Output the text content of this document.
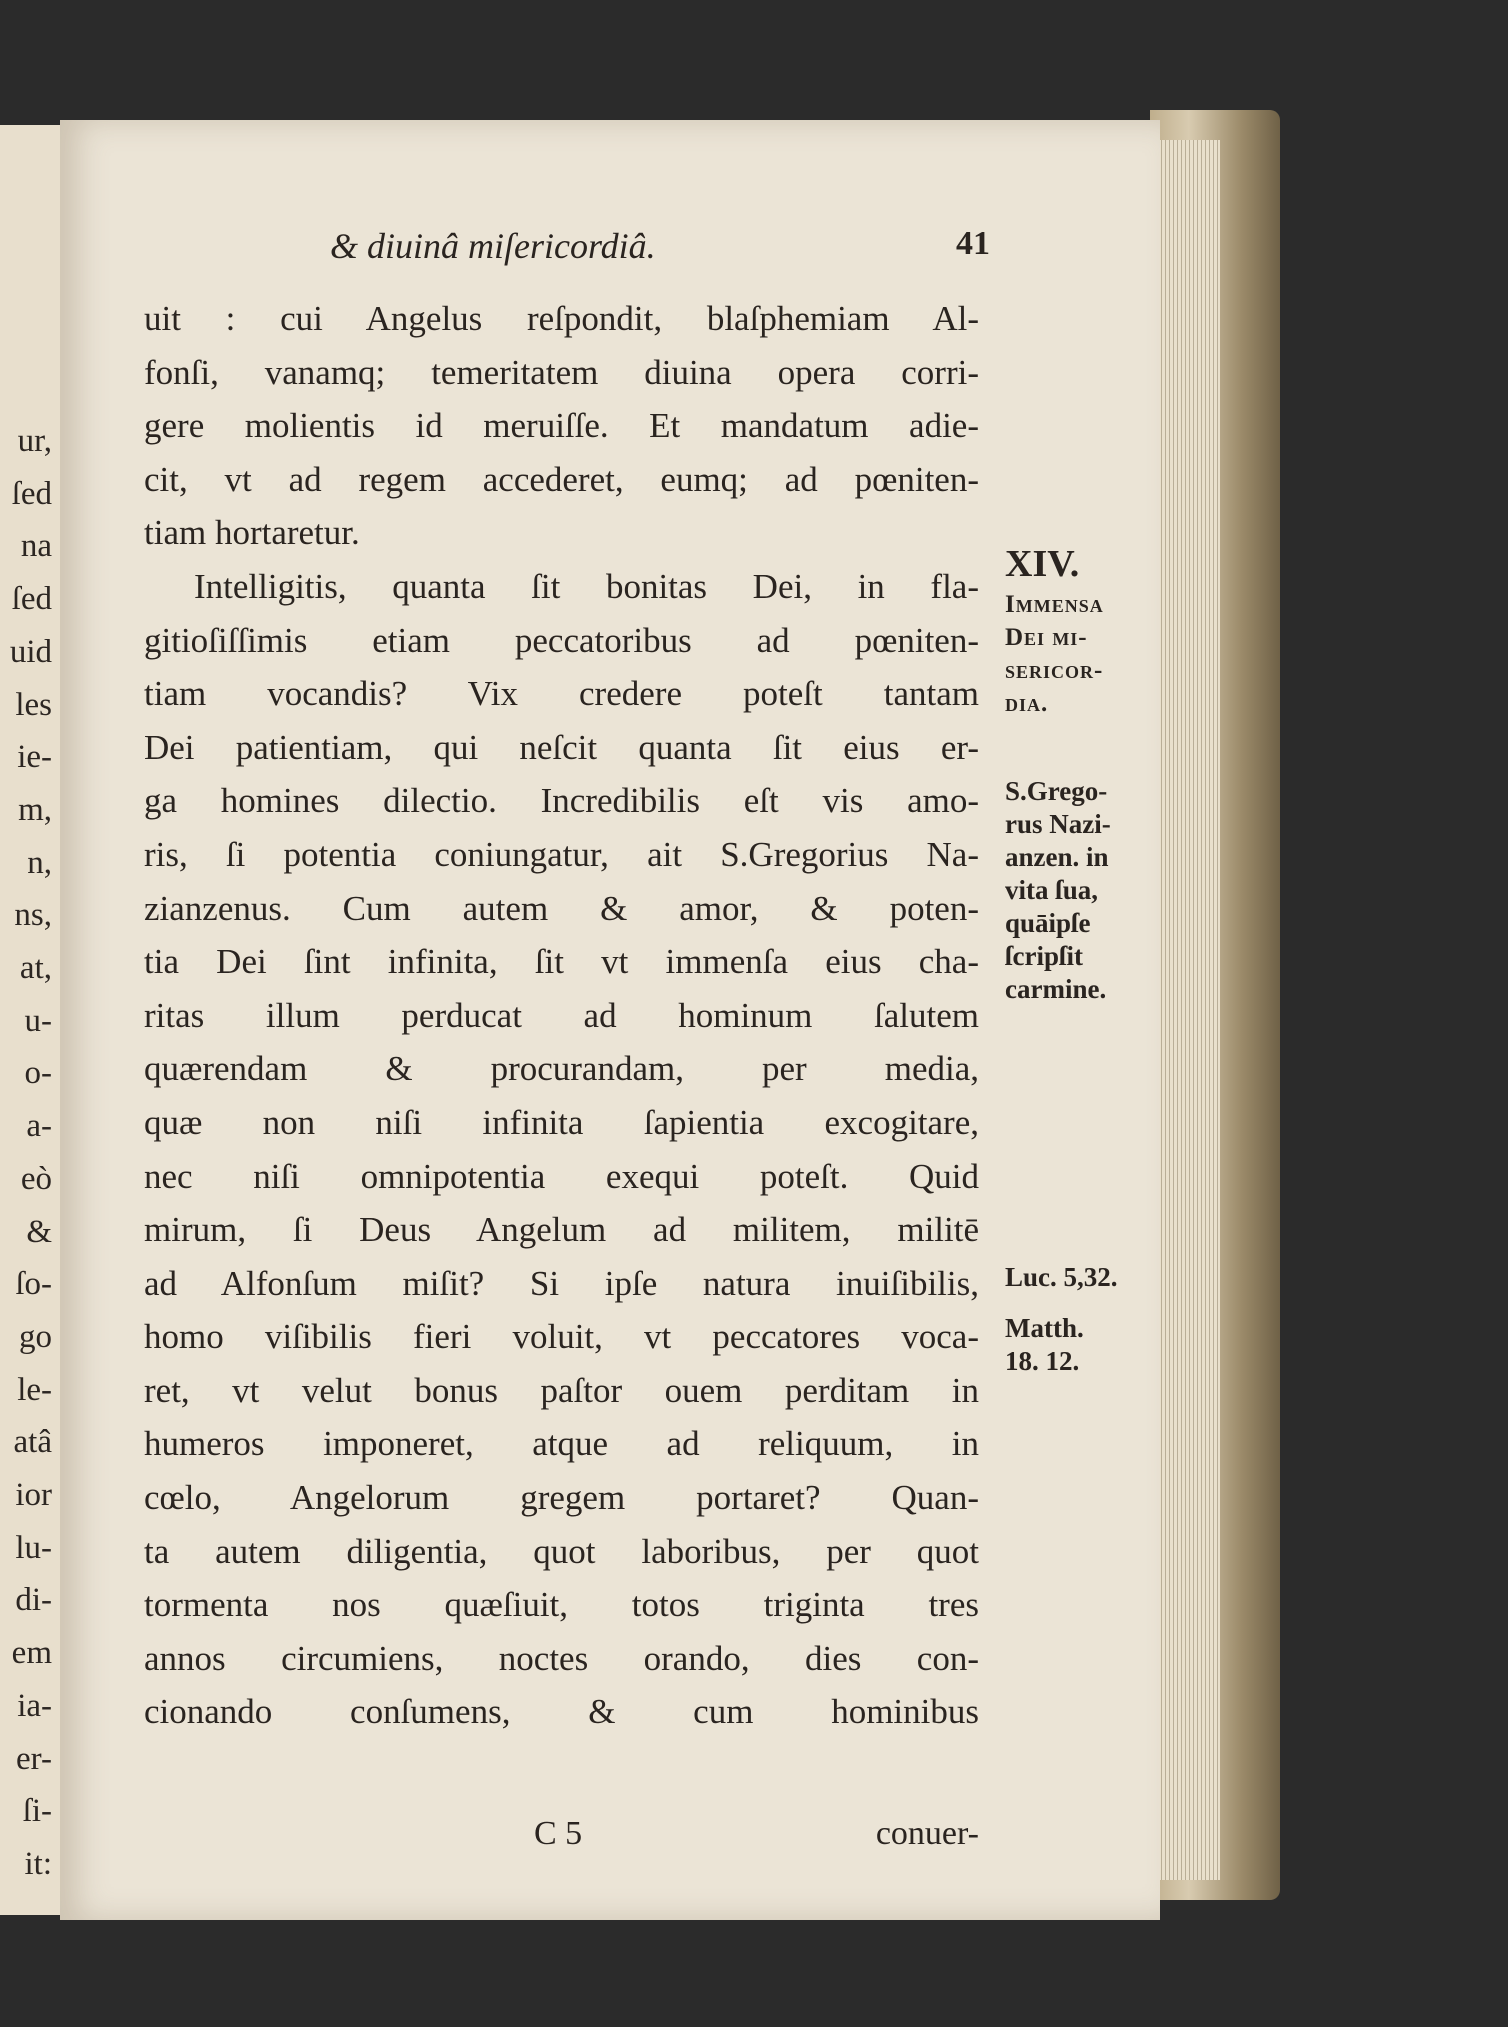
ur,
ſed
na
ſed
uid
les
ie-
m,
n,
ns,
at,
u-
o-
a-
eò
&
ſo-
go
le-
atâ
ior
lu-
di-
em
ia-
er-
ſi-
it:
& diuinâ miſericordiâ.	41
uit : cui Angelus reſpondit, blaſphemiam Al-
fonſi, vanamq; temeritatem diuina opera corri-
gere molientis id meruiſſe. Et mandatum adie-
cit, vt ad regem accederet, eumq; ad pœniten-
tiam hortaretur.
Intelligitis, quanta ſit bonitas Dei, in fla-
gitioſiſſimis etiam peccatoribus ad pœniten-
tiam vocandis? Vix credere poteſt tantam
Dei patientiam, qui neſcit quanta ſit eius er-
ga homines dilectio. Incredibilis eſt vis amo-
ris, ſi potentia coniungatur, ait S.Gregorius Na-
zianzenus. Cum autem & amor, & poten-
tia Dei ſint infinita, ſit vt immenſa eius cha-
ritas illum perducat ad hominum ſalutem
quærendam & procurandam, per media,
quæ non niſi infinita ſapientia excogitare,
nec niſi omnipotentia exequi poteſt. Quid
mirum, ſi Deus Angelum ad militem, militē
ad Alfonſum miſit? Si ipſe natura inuiſibilis,
homo viſibilis fieri voluit, vt peccatores voca-
ret, vt velut bonus paſtor ouem perditam in
humeros imponeret, atque ad reliquum, in
cœlo, Angelorum gregem portaret? Quan-
ta autem diligentia, quot laboribus, per quot
tormenta nos quæſiuit, totos triginta tres
annos circumiens, noctes orando, dies con-
cionando conſumens, & cum hominibus
C 5	conuer-
XIV.
Immensa
Dei mi-
sericor-
dia.
S.Grego-
rus Nazi-
anzen. in
vita ſua,
quāipſe
ſcripſit
carmine.
Luc. 5,32.
Matth.
18. 12.
